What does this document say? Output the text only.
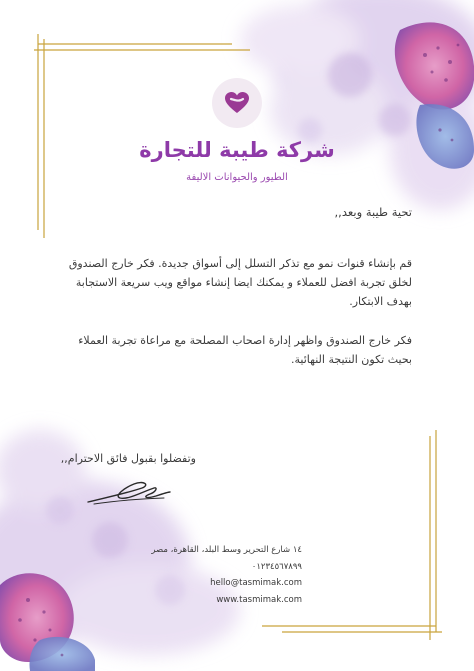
شركة طيبة للتجارة
الطيور والحيوانات الاليفة
تحية طيبة وبعد,,
قم بإنشاء قنوات نمو مع تذكر التسلل إلى أسواق جديدة. فكر خارج الصندوق
لخلق تجربة افضل للعملاء و يمكنك ايضا إنشاء مواقع ويب سريعة الاستجابة
بهدف الابتكار.
فكر خارج الصندوق واظهر إدارة اصحاب المصلحة مع مراعاة تجربة العملاء
بحيث تكون النتيجة النهائية.
وتفضلوا بقبول فائق الاحترام,,
١٤ شارع التحرير وسط البلد، القاهرة، مصر
٠١٢٣٤٥٦٧٨٩٩
hello@tasmimak.com
www.tasmimak.com
